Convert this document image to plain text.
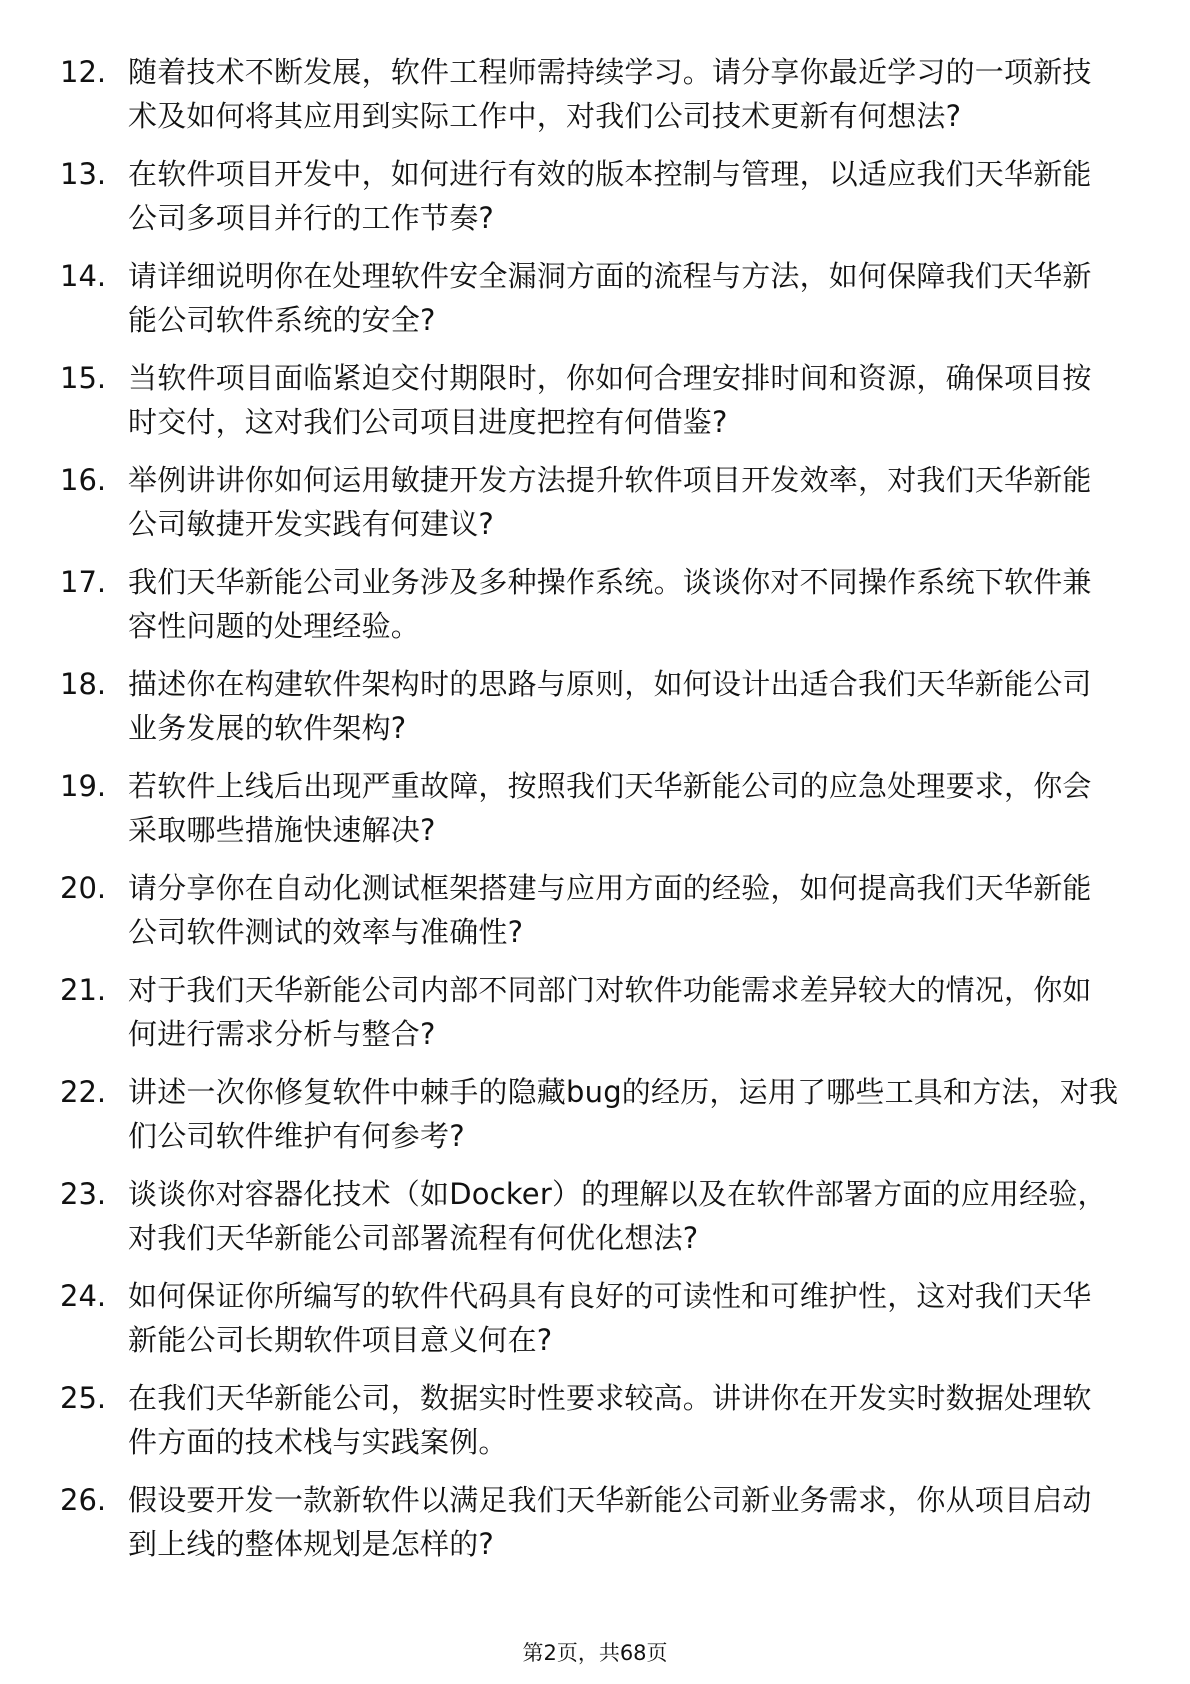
12. 随着技术不断发展，软件工程师需持续学习。请分享你最近学习的一项新技术及如何将其应用到实际工作中，对我们公司技术更新有何想法?
13. 在软件项目开发中，如何进行有效的版本控制与管理，以适应我们天华新能公司多项目并行的工作节奏?
14. 请详细说明你在处理软件安全漏洞方面的流程与方法，如何保障我们天华新能公司软件系统的安全?
15. 当软件项目面临紧迫交付期限时，你如何合理安排时间和资源，确保项目按时交付，这对我们公司项目进度把控有何借鉴?
16. 举例讲讲你如何运用敏捷开发方法提升软件项目开发效率，对我们天华新能公司敏捷开发实践有何建议?
17. 我们天华新能公司业务涉及多种操作系统。谈谈你对不同操作系统下软件兼容性问题的处理经验。
18. 描述你在构建软件架构时的思路与原则，如何设计出适合我们天华新能公司业务发展的软件架构?
19. 若软件上线后出现严重故障，按照我们天华新能公司的应急处理要求，你会采取哪些措施快速解决?
20. 请分享你在自动化测试框架搭建与应用方面的经验，如何提高我们天华新能公司软件测试的效率与准确性?
21. 对于我们天华新能公司内部不同部门对软件功能需求差异较大的情况，你如何进行需求分析与整合?
22. 讲述一次你修复软件中棘手的隐藏bug的经历，运用了哪些工具和方法，对我们公司软件维护有何参考?
23. 谈谈你对容器化技术（如Docker）的理解以及在软件部署方面的应用经验，对我们天华新能公司部署流程有何优化想法?
24. 如何保证你所编写的软件代码具有良好的可读性和可维护性，这对我们天华新能公司长期软件项目意义何在?
25. 在我们天华新能公司，数据实时性要求较高。讲讲你在开发实时数据处理软件方面的技术栈与实践案例。
26. 假设要开发一款新软件以满足我们天华新能公司新业务需求，你从项目启动到上线的整体规划是怎样的?
第2页，共68页
